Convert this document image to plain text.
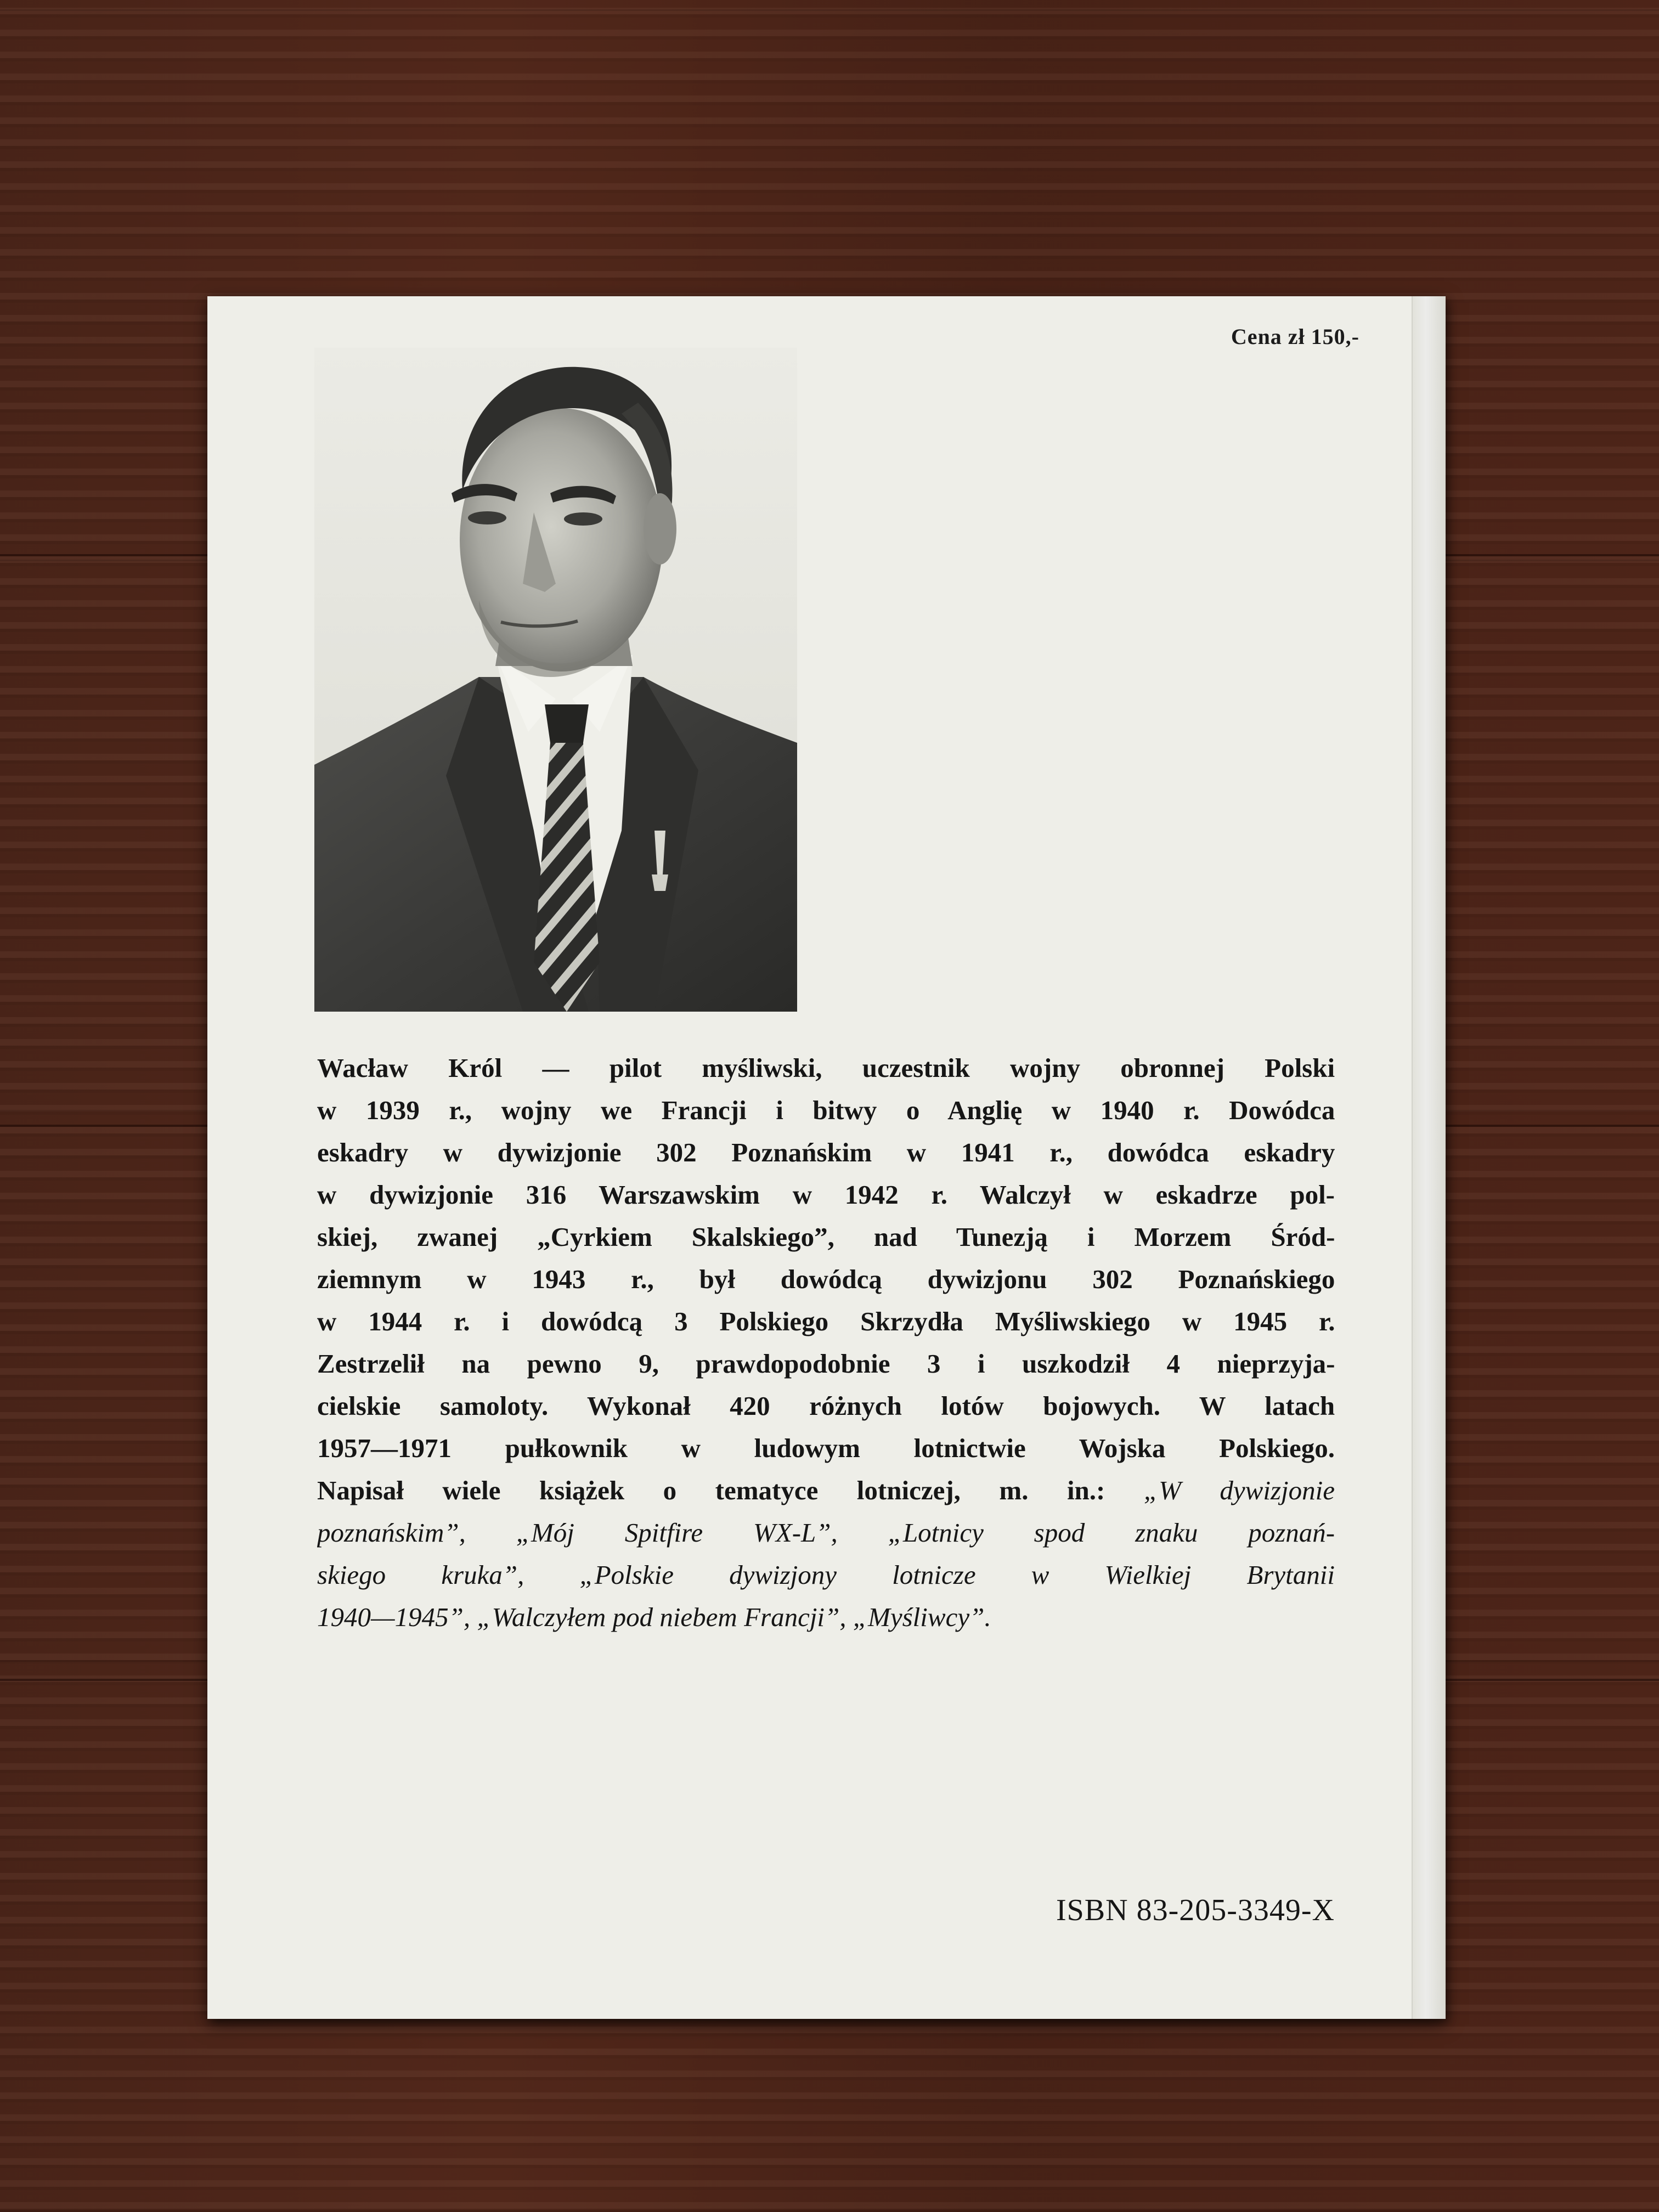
Cena zł 150,-
Wacław Król — pilot myśliwski, uczestnik wojny obronnej Polski
w 1939 r., wojny we Francji i bitwy o Anglię w 1940 r. Dowódca
eskadry w dywizjonie 302 Poznańskim w 1941 r., dowódca eskadry
w dywizjonie 316 Warszawskim w 1942 r. Walczył w eskadrze pol-
skiej, zwanej „Cyrkiem Skalskiego”, nad Tunezją i Morzem Śród-
ziemnym w 1943 r., był dowódcą dywizjonu 302 Poznańskiego
w 1944 r. i dowódcą 3 Polskiego Skrzydła Myśliwskiego w 1945 r.
Zestrzelił na pewno 9, prawdopodobnie 3 i uszkodził 4 nieprzyja-
cielskie samoloty. Wykonał 420 różnych lotów bojowych. W latach
1957—1971 pułkownik w ludowym lotnictwie Wojska Polskiego.
Napisał wiele książek o tematyce lotniczej, m. in.: „W dywizjonie
poznańskim”, „Mój Spitfire WX-L”, „Lotnicy spod znaku poznań-
skiego kruka”, „Polskie dywizjony lotnicze w Wielkiej Brytanii
1940—1945”, „Walczyłem pod niebem Francji”, „Myśliwcy”.
ISBN 83-205-3349-X
